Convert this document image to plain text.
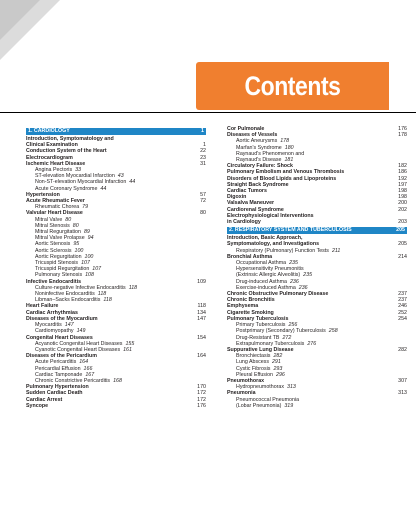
Contents
1. CARDIOLOGY	1
Introduction, Symptomatology and
Clinical Examination	1
Conduction System of the Heart	22
Electrocardiogram	23
Ischemic Heart Disease	31
Angina Pectoris 33
ST-elevation Myocardial Infarction 43
Non-ST-elevation Myocardial Infarction 44
Acute Coronary Syndrome 44
Hypertension	57
Acute Rheumatic Fever	72
Rheumatic Chorea 79
Valvular Heart Disease	80
Mitral Valve 80
Mitral Stenosis 80
Mitral Regurgitation 89
Mitral Valve Prolapse 94
Aortic Stenosis 95
Aortic Sclerosis 100
Aortic Regurgitation 100
Tricuspid Stenosis 107
Tricuspid Regurgitation 107
Pulmonary Stenosis 108
Infective Endocarditis	109
Culture-negative Infective Endocarditis 118
Noninfective Endocarditis 118
Libman–Sacks Endocarditis 118
Heart Failure	118
Cardiac Arrhythmias	134
Diseases of the Myocardium	147
Myocarditis 147
Cardiomyopathy 149
Congenital Heart Diseases	154
Acyanotic Congenital Heart Diseases 155
Cyanotic Congenital Heart Diseases 161
Diseases of the Pericardium	164
Acute Pericarditis 164
Pericardial Effusion 166
Cardiac Tamponade 167
Chronic Constrictive Pericarditis 168
Pulmonary Hypertension	170
Sudden Cardiac Death	172
Cardiac Arrest	172
Syncope	176
Cor Pulmonale	176
Diseases of Vessels	178
Aortic Aneurysms 178
Marfan's Syndrome 180
Raynaud's Phenomenon and
Raynaud's Disease 181
Circulatory Failure: Shock	182
Pulmonary Embolism and Venous Thrombosis	186
Disorders of Blood Lipids and Lipoproteins	192
Straight Back Syndrome	197
Cardiac Tumors	198
Digoxin	198
Valsalva Maneuver	200
Cardiorenal Syndrome	202
Electrophysiological Interventions
in Cardiology	203
2. RESPIRATORY SYSTEM AND TUBERCULOSIS	205
Introduction, Basic Approach,
Symptomatology, and Investigations	205
Respiratory (Pulmonary) Function Tests 211
Bronchial Asthma	214
Occupational Asthma 235
Hypersensitivity Pneumonitis
(Extrinsic Allergic Alveolitis) 235
Drug-induced Asthma 236
Exercise-induced Asthma 236
Chronic Obstructive Pulmonary Disease	237
Chronic Bronchitis	237
Emphysema	246
Cigarette Smoking	252
Pulmonary Tuberculosis	254
Primary Tuberculosis 256
Postprimary (Secondary) Tuberculosis 258
Drug-Resistant TB 272
Extrapulmonary Tuberculosis 276
Suppurative Lung Disease	282
Bronchiectasis 282
Lung Abscess 291
Cystic Fibrosis 293
Pleural Effusion 296
Pneumothorax	307
Hydropneumothorax 313
Pneumonia	313
Pneumococcal Pneumonia
(Lobar Pneumonia) 319
